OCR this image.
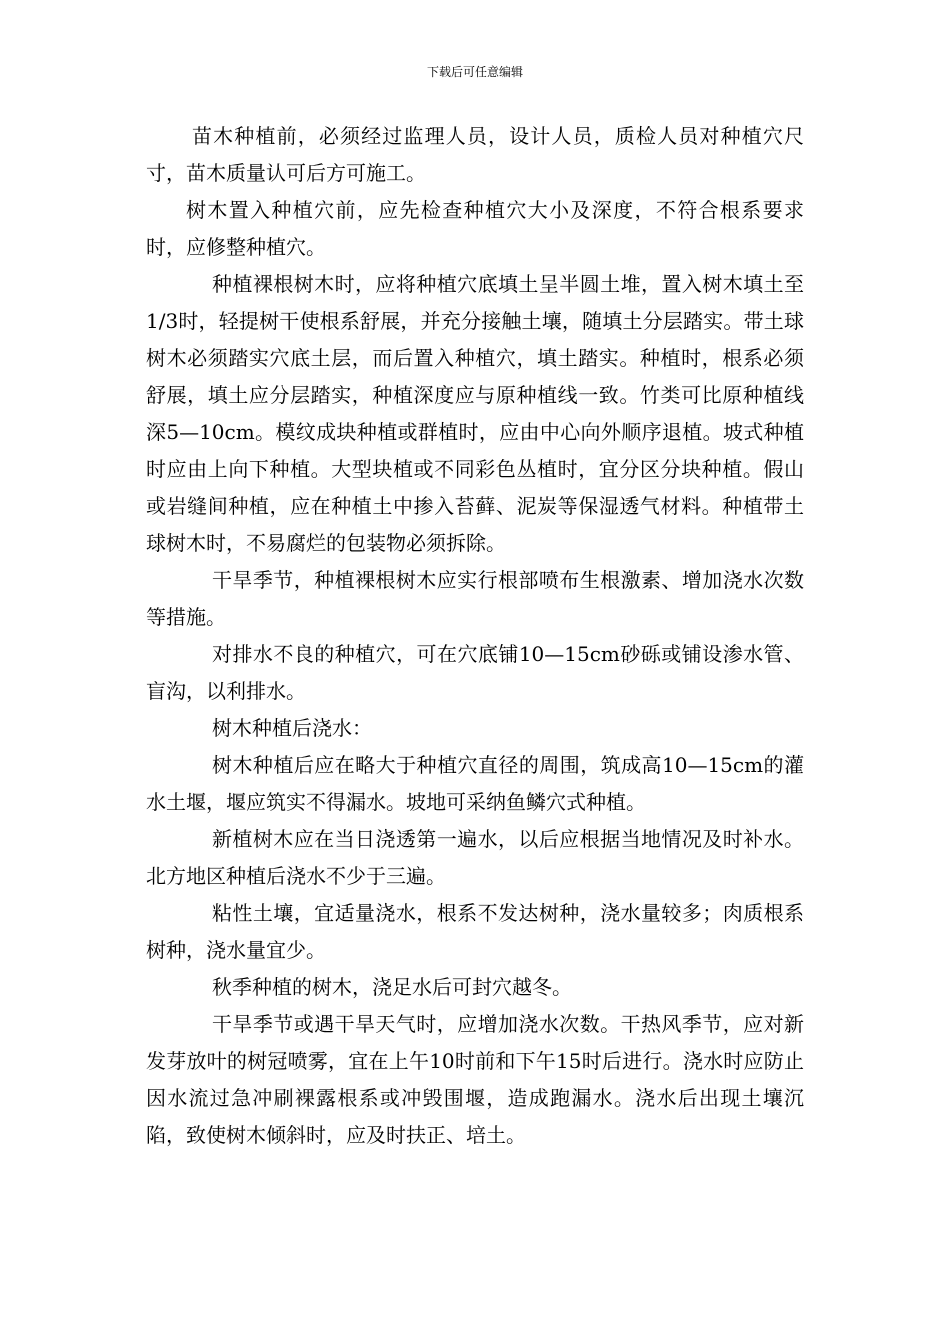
下载后可任意编辑

苗木种植前，必须经过监理人员，设计人员，质检人员对种植穴尺寸，苗木质量认可后方可施工。

树木置入种植穴前，应先检查种植穴大小及深度，不符合根系要求时，应修整种植穴。

种植裸根树木时，应将种植穴底填土呈半圆土堆，置入树木填土至1/3时，轻提树干使根系舒展，并充分接触土壤，随填土分层踏实。带土球树木必须踏实穴底土层，而后置入种植穴，填土踏实。种植时，根系必须舒展，填土应分层踏实，种植深度应与原种植线一致。竹类可比原种植线深5—10cm。模纹成块种植或群植时，应由中心向外顺序退植。坡式种植时应由上向下种植。大型块植或不同彩色丛植时，宜分区分块种植。假山或岩缝间种植，应在种植土中掺入苔藓、泥炭等保湿透气材料。种植带土球树木时，不易腐烂的包装物必须拆除。

干旱季节，种植裸根树木应实行根部喷布生根激素、增加浇水次数等措施。

对排水不良的种植穴，可在穴底铺10—15cm砂砾或铺设渗水管、盲沟，以利排水。

树木种植后浇水：

树木种植后应在略大于种植穴直径的周围，筑成高10—15cm的灌水土堰，堰应筑实不得漏水。坡地可采纳鱼鳞穴式种植。

新植树木应在当日浇透第一遍水，以后应根据当地情况及时补水。北方地区种植后浇水不少于三遍。

粘性土壤，宜适量浇水，根系不发达树种，浇水量较多；肉质根系树种，浇水量宜少。

秋季种植的树木，浇足水后可封穴越冬。

干旱季节或遇干旱天气时，应增加浇水次数。干热风季节，应对新发芽放叶的树冠喷雾，宜在上午10时前和下午15时后进行。浇水时应防止因水流过急冲刷裸露根系或冲毁围堰，造成跑漏水。浇水后出现土壤沉陷，致使树木倾斜时，应及时扶正、培土。
